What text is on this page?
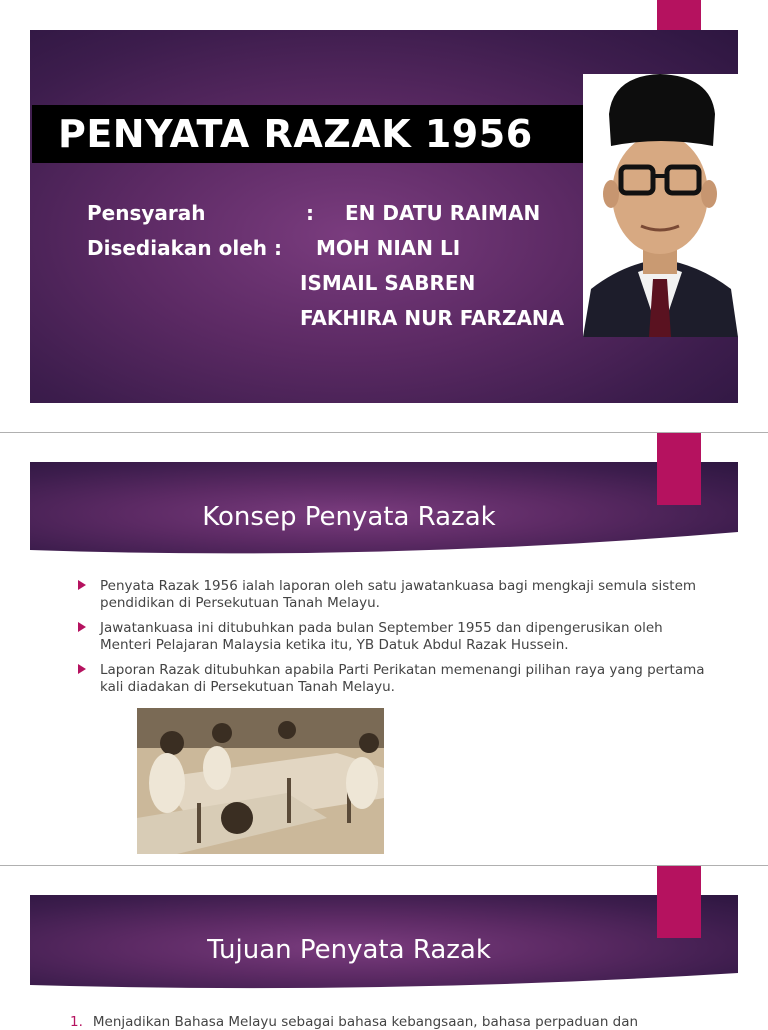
PENYATA RAZAK 1956
Pensyarah	: EN DATU RAIMAN
Disediakan oleh : MOH NIAN LI
ISMAIL SABREN
FAKHIRA NUR FARZANA
Konsep Penyata Razak
Penyata Razak 1956 ialah laporan oleh satu jawatankuasa bagi mengkaji semula sistem pendidikan di Persekutuan Tanah Melayu.
Jawatankuasa ini ditubuhkan pada bulan September 1955 dan dipengerusikan oleh Menteri Pelajaran Malaysia ketika itu, YB Datuk Abdul Razak Hussein.
Laporan Razak ditubuhkan apabila Parti Perikatan memenangi pilihan raya yang pertama kali diadakan di Persekutuan Tanah Melayu.
Tujuan Penyata Razak
1. Menjadikan Bahasa Melayu sebagai bahasa kebangsaan, bahasa perpaduan dan
